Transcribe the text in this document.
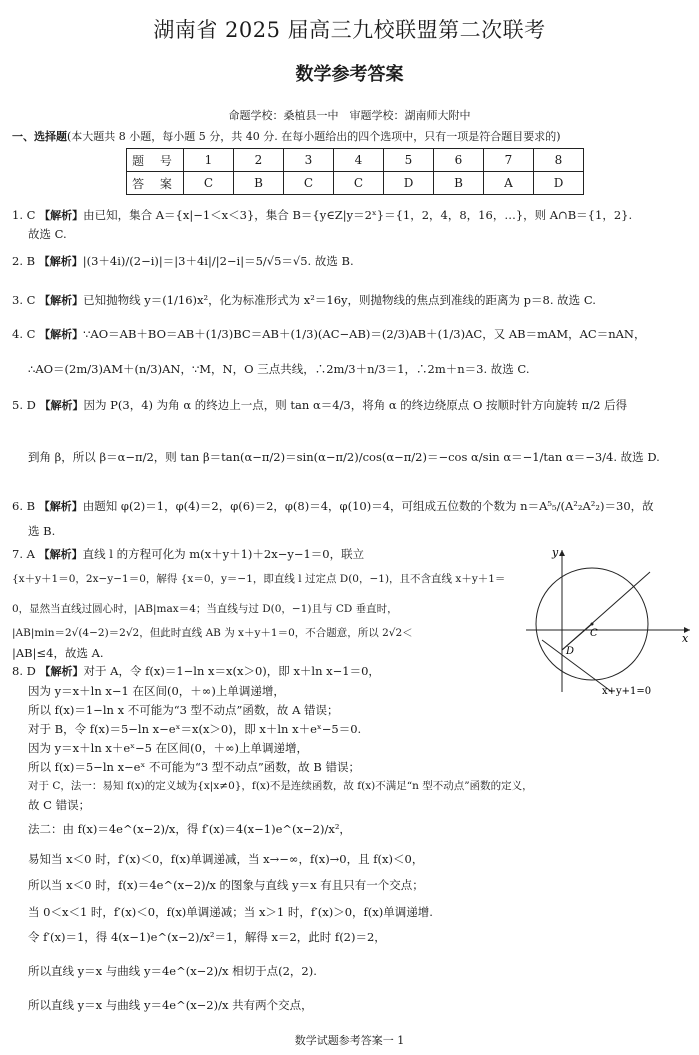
湖南省 2025 届高三九校联盟第二次联考
数学参考答案
命题学校：桑植县一中　审题学校：湖南师大附中
一、选择题(本大题共 8 小题，每小题 5 分，共 40 分. 在每小题给出的四个选项中，只有一项是符合题目要求的)
题 号	1	2	3	4	5	6	7	8
答 案	C	B	C	C	D	B	A	D
1. C 【解析】由已知，集合 A＝{x|−1＜x＜3}，集合 B＝{y∈Z|y＝2ˣ}＝{1，2，4，8，16，…}，则 A∩B＝{1，2}.
故选 C.
2. B 【解析】|(3＋4i)/(2−i)|＝|3＋4i|/|2−i|＝5/√5＝√5. 故选 B.
3. C 【解析】已知抛物线 y＝(1/16)x²，化为标准形式为 x²＝16y，则抛物线的焦点到准线的距离为 p＝8. 故选 C.
4. C 【解析】∵AO＝AB＋BO＝AB＋(1/3)BC＝AB＋(1/3)(AC−AB)＝(2/3)AB＋(1/3)AC，又 AB＝mAM，AC＝nAN，
∴AO＝(2m/3)AM＋(n/3)AN，∵M，N，O 三点共线，∴2m/3＋n/3＝1，∴2m＋n＝3. 故选 C.
5. D 【解析】因为 P(3，4) 为角 α 的终边上一点，则 tan α＝4/3，将角 α 的终边绕原点 O 按顺时针方向旋转 π/2 后得
到角 β，所以 β＝α−π/2，则 tan β＝tan(α−π/2)＝sin(α−π/2)/cos(α−π/2)＝−cos α/sin α＝−1/tan α＝−3/4. 故选 D.
6. B 【解析】由题知 φ(2)＝1，φ(4)＝2，φ(6)＝2，φ(8)＝4，φ(10)＝4，可组成五位数的个数为 n＝A⁵₅/(A²₂A²₂)＝30，故
选 B.
7. A 【解析】直线 l 的方程可化为 m(x＋y＋1)＋2x−y−1＝0，联立
{x＋y＋1＝0，2x−y−1＝0，解得 {x＝0，y＝−1，即直线 l 过定点 D(0，−1)，且不含直线 x＋y＋1＝
0，显然当直线过圆心时，|AB|max＝4；当直线与过 D(0，−1)且与 CD 垂直时，
|AB|min＝2√(4−2)＝2√2，但此时直线 AB 为 x＋y＋1＝0，不合题意，所以 2√2＜
|AB|≤4，故选 A.
8. D 【解析】对于 A，令 f(x)＝1−ln x＝x(x＞0)，即 x＋ln x−1＝0，
因为 y＝x＋ln x−1 在区间(0，＋∞)上单调递增，
所以 f(x)＝1−ln x 不可能为“3 型不动点”函数，故 A 错误；
对于 B，令 f(x)＝5−ln x−eˣ＝x(x＞0)，即 x＋ln x＋eˣ−5＝0.
因为 y＝x＋ln x＋eˣ−5 在区间(0，＋∞)上单调递增，
所以 f(x)＝5−ln x−eˣ 不可能为“3 型不动点”函数，故 B 错误；
对于 C，法一：易知 f(x)的定义域为{x|x≠0}，f(x)不是连续函数，故 f(x)不满足“n 型不动点”函数的定义，
故 C 错误；
法二：由 f(x)＝4e^(x−2)/x，得 f′(x)＝4(x−1)e^(x−2)/x²，
易知当 x＜0 时，f′(x)＜0，f(x)单调递减，当 x→−∞，f(x)→0，且 f(x)＜0，
所以当 x＜0 时，f(x)＝4e^(x−2)/x 的图象与直线 y＝x 有且只有一个交点；
当 0＜x＜1 时，f′(x)＜0，f(x)单调递减；当 x＞1 时，f′(x)＞0，f(x)单调递增.
令 f′(x)＝1，得 4(x−1)e^(x−2)/x²＝1，解得 x＝2，此时 f(2)＝2，
所以直线 y＝x 与曲线 y＝4e^(x−2)/x 相切于点(2，2).
所以直线 y＝x 与曲线 y＝4e^(x−2)/x 共有两个交点，
y
x
C
D
x+y+1=0
数学试题参考答案一 1
